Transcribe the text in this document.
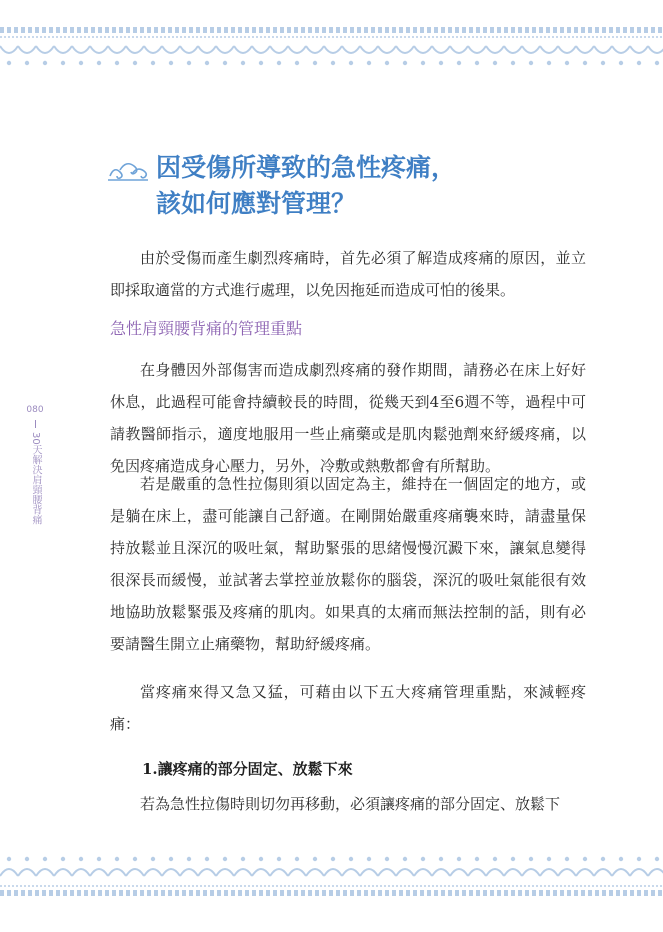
080
30天解決肩頸腰背痛
因受傷所導致的急性疼痛，
該如何應對管理？

由於受傷而產生劇烈疼痛時，首先必須了解造成疼痛的原因，並立即採取適當的方式進行處理，以免因拖延而造成可怕的後果。

急性肩頸腰背痛的管理重點

在身體因外部傷害而造成劇烈疼痛的發作期間，請務必在床上好好休息，此過程可能會持續較長的時間，從幾天到4至6週不等，過程中可請教醫師指示，適度地服用一些止痛藥或是肌肉鬆弛劑來紓緩疼痛，以免因疼痛造成身心壓力，另外，冷敷或熱敷都會有所幫助。

若是嚴重的急性拉傷則須以固定為主，維持在一個固定的地方，或是躺在床上，盡可能讓自己舒適。在剛開始嚴重疼痛襲來時，請盡量保持放鬆並且深沉的吸吐氣，幫助緊張的思緒慢慢沉澱下來，讓氣息變得很深長而緩慢，並試著去掌控並放鬆你的腦袋，深沉的吸吐氣能很有效地協助放鬆緊張及疼痛的肌肉。如果真的太痛而無法控制的話，則有必要請醫生開立止痛藥物，幫助紓緩疼痛。

當疼痛來得又急又猛，可藉由以下五大疼痛管理重點，來減輕疼痛：

1.讓疼痛的部分固定、放鬆下來

若為急性拉傷時則切勿再移動，必須讓疼痛的部分固定、放鬆下
